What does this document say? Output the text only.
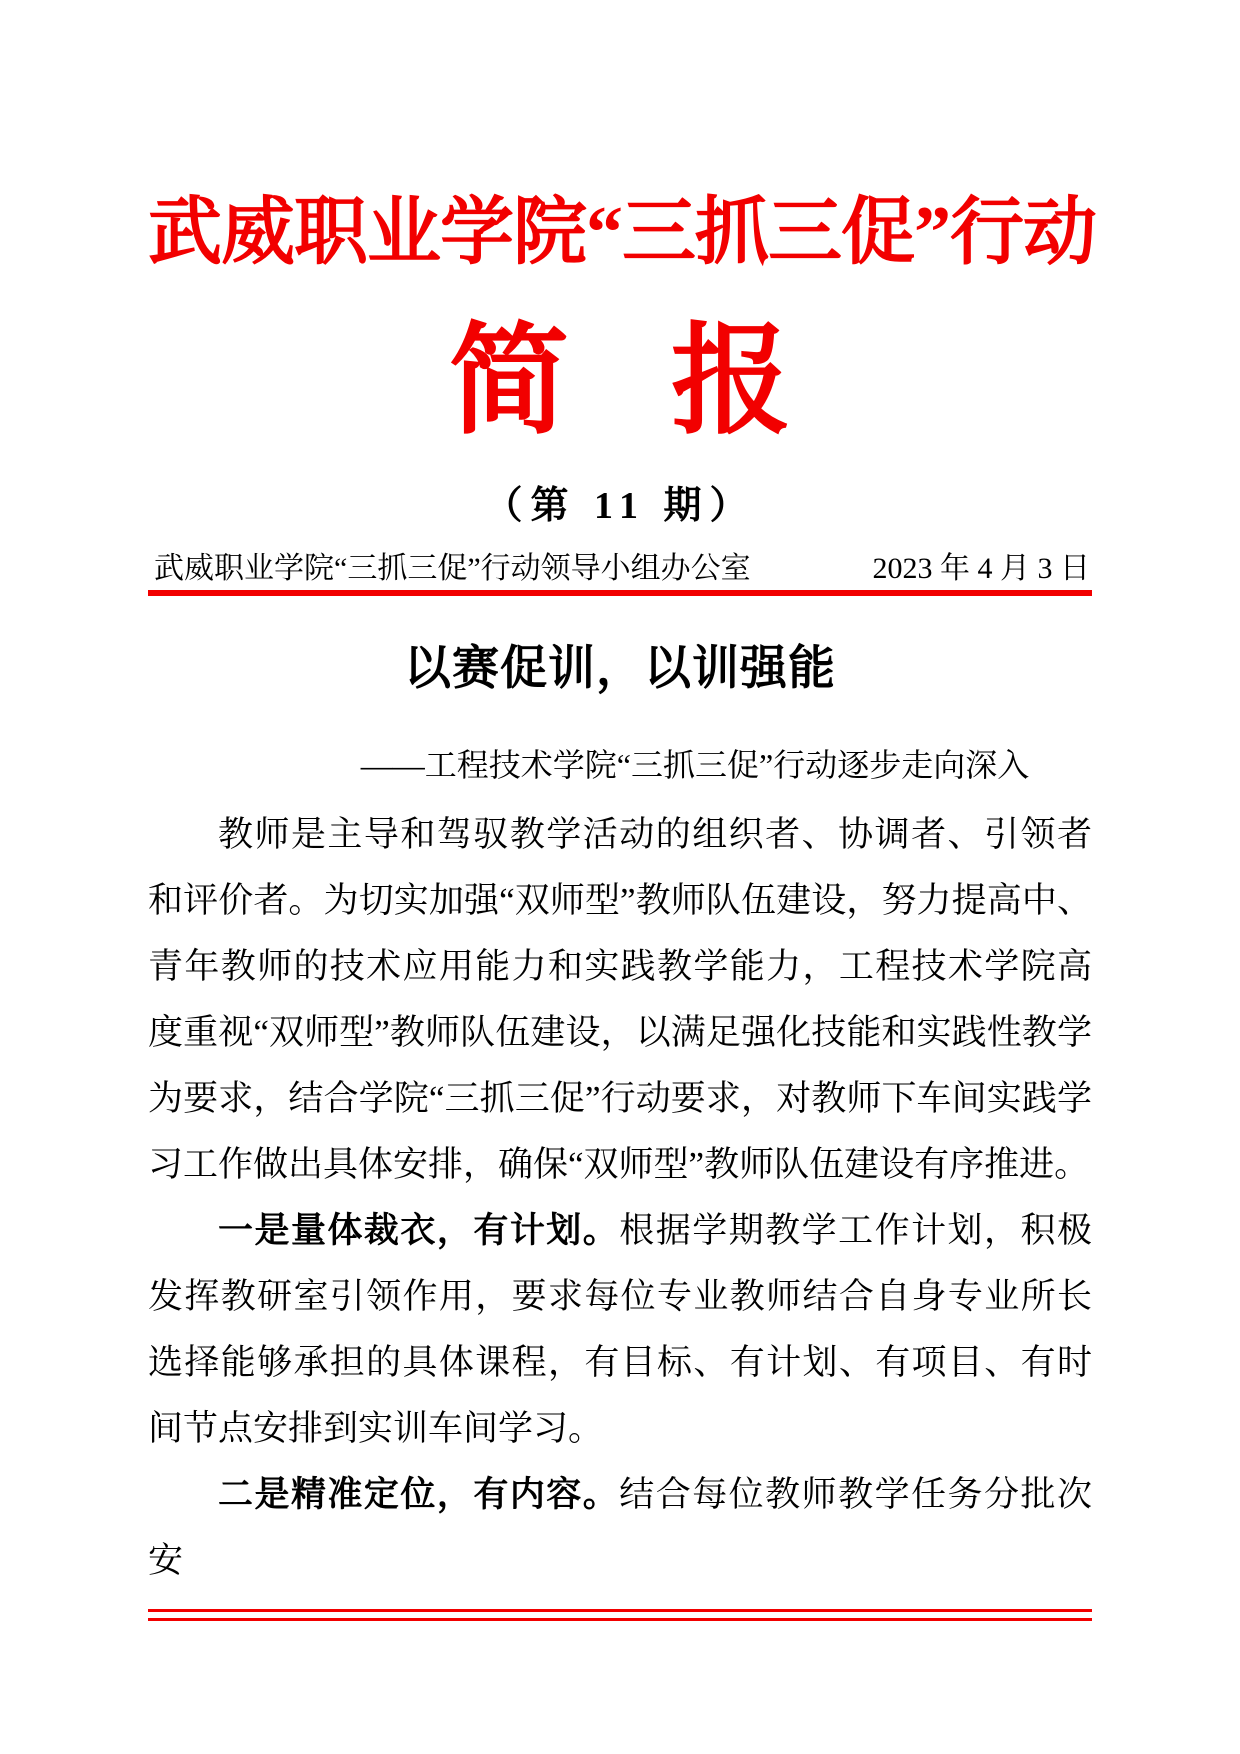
武威职业学院“三抓三促”行动
简 报
（第 11 期）
武威职业学院“三抓三促”行动领导小组办公室	2023 年 4 月 3 日
以赛促训，以训强能
——工程技术学院“三抓三促”行动逐步走向深入

教师是主导和驾驭教学活动的组织者、协调者、引领者和评价者。为切实加强“双师型”教师队伍建设，努力提高中、青年教师的技术应用能力和实践教学能力，工程技术学院高度重视“双师型”教师队伍建设，以满足强化技能和实践性教学为要求，结合学院“三抓三促”行动要求，对教师下车间实践学习工作做出具体安排，确保“双师型”教师队伍建设有序推进。

一是量体裁衣，有计划。根据学期教学工作计划，积极发挥教研室引领作用，要求每位专业教师结合自身专业所长选择能够承担的具体课程，有目标、有计划、有项目、有时间节点安排到实训车间学习。

二是精准定位，有内容。结合每位教师教学任务分批次安
